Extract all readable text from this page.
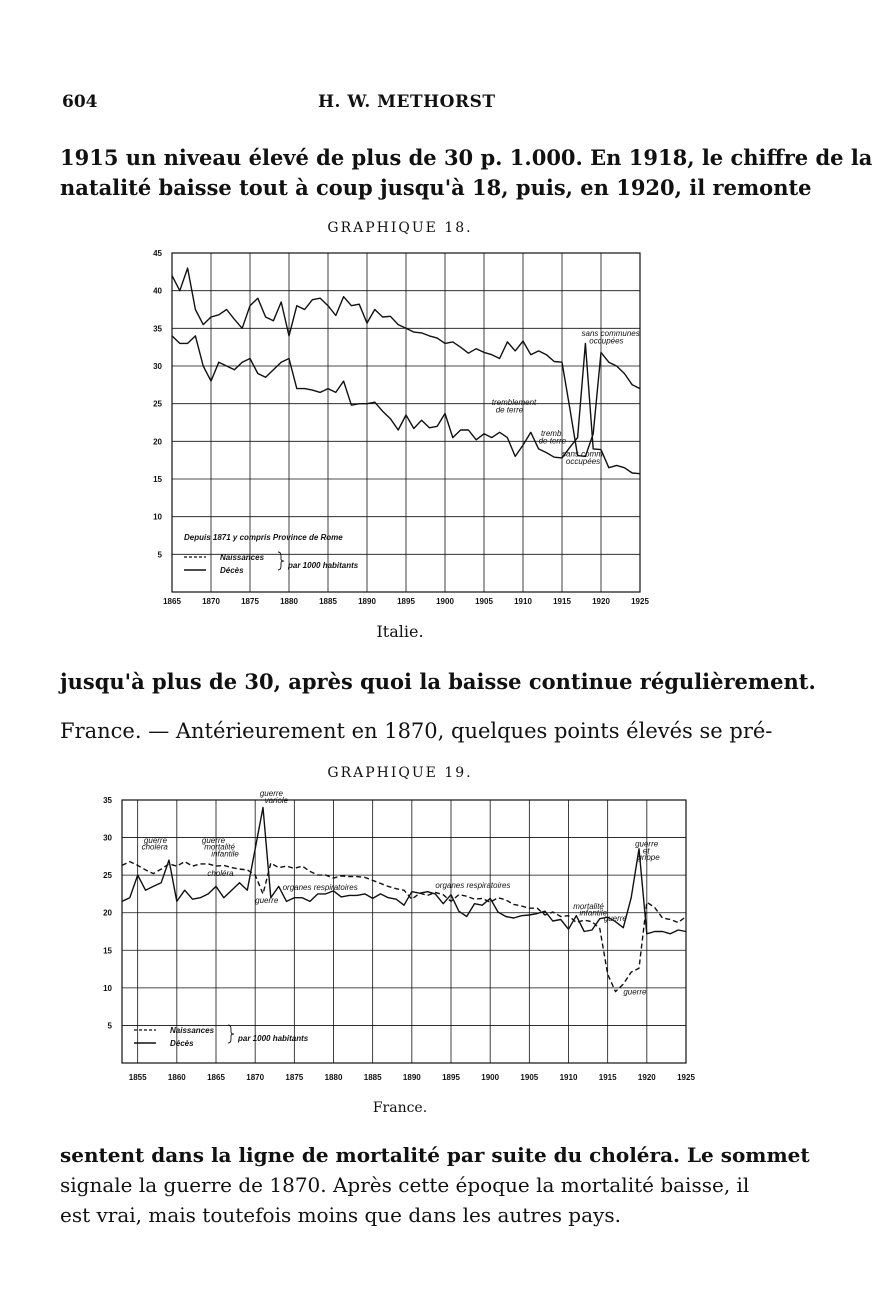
604	H. W. METHORST
1915 un niveau élevé de plus de 30 p. 1.000. En 1918, le chiffre de la
natalité baisse tout à coup jusqu'à 18, puis, en 1920, il remonte
GRAPHIQUE 18.
1865	1870	1875	1880	1885	1890	1895	1900	1905	1910	1915	1920	1925
5
10
15
20
25
30
35
40
45
sans communes
occupées
tremblement
de terre
tremb.
de terre
sans comm.
occupées
Depuis 1871 y compris Province de Rome
Naissances
Décès
par 1000 habitants
1855	1860	1865	1870	1875	1880	1885	1890	1895	1900	1905	1910	1915	1920	1925
5
10
15
20
25
30
35
guerre
variole
guerre
choléra
guerre
mortalité
infantile
choléra
guerre
organes respiratoires	organes respiratoires
mortalité
infantile
guerre
guerre
et
grippe
guerre
Naissances
Décès
par 1000 habitants
Italie.
jusqu'à plus de 30, après quoi la baisse continue régulièrement.
France. — Antérieurement en 1870, quelques points élevés se pré-
GRAPHIQUE 19.
France.
sentent dans la ligne de mortalité par suite du choléra. Le sommet
signale la guerre de 1870. Après cette époque la mortalité baisse, il
est vrai, mais toutefois moins que dans les autres pays.
